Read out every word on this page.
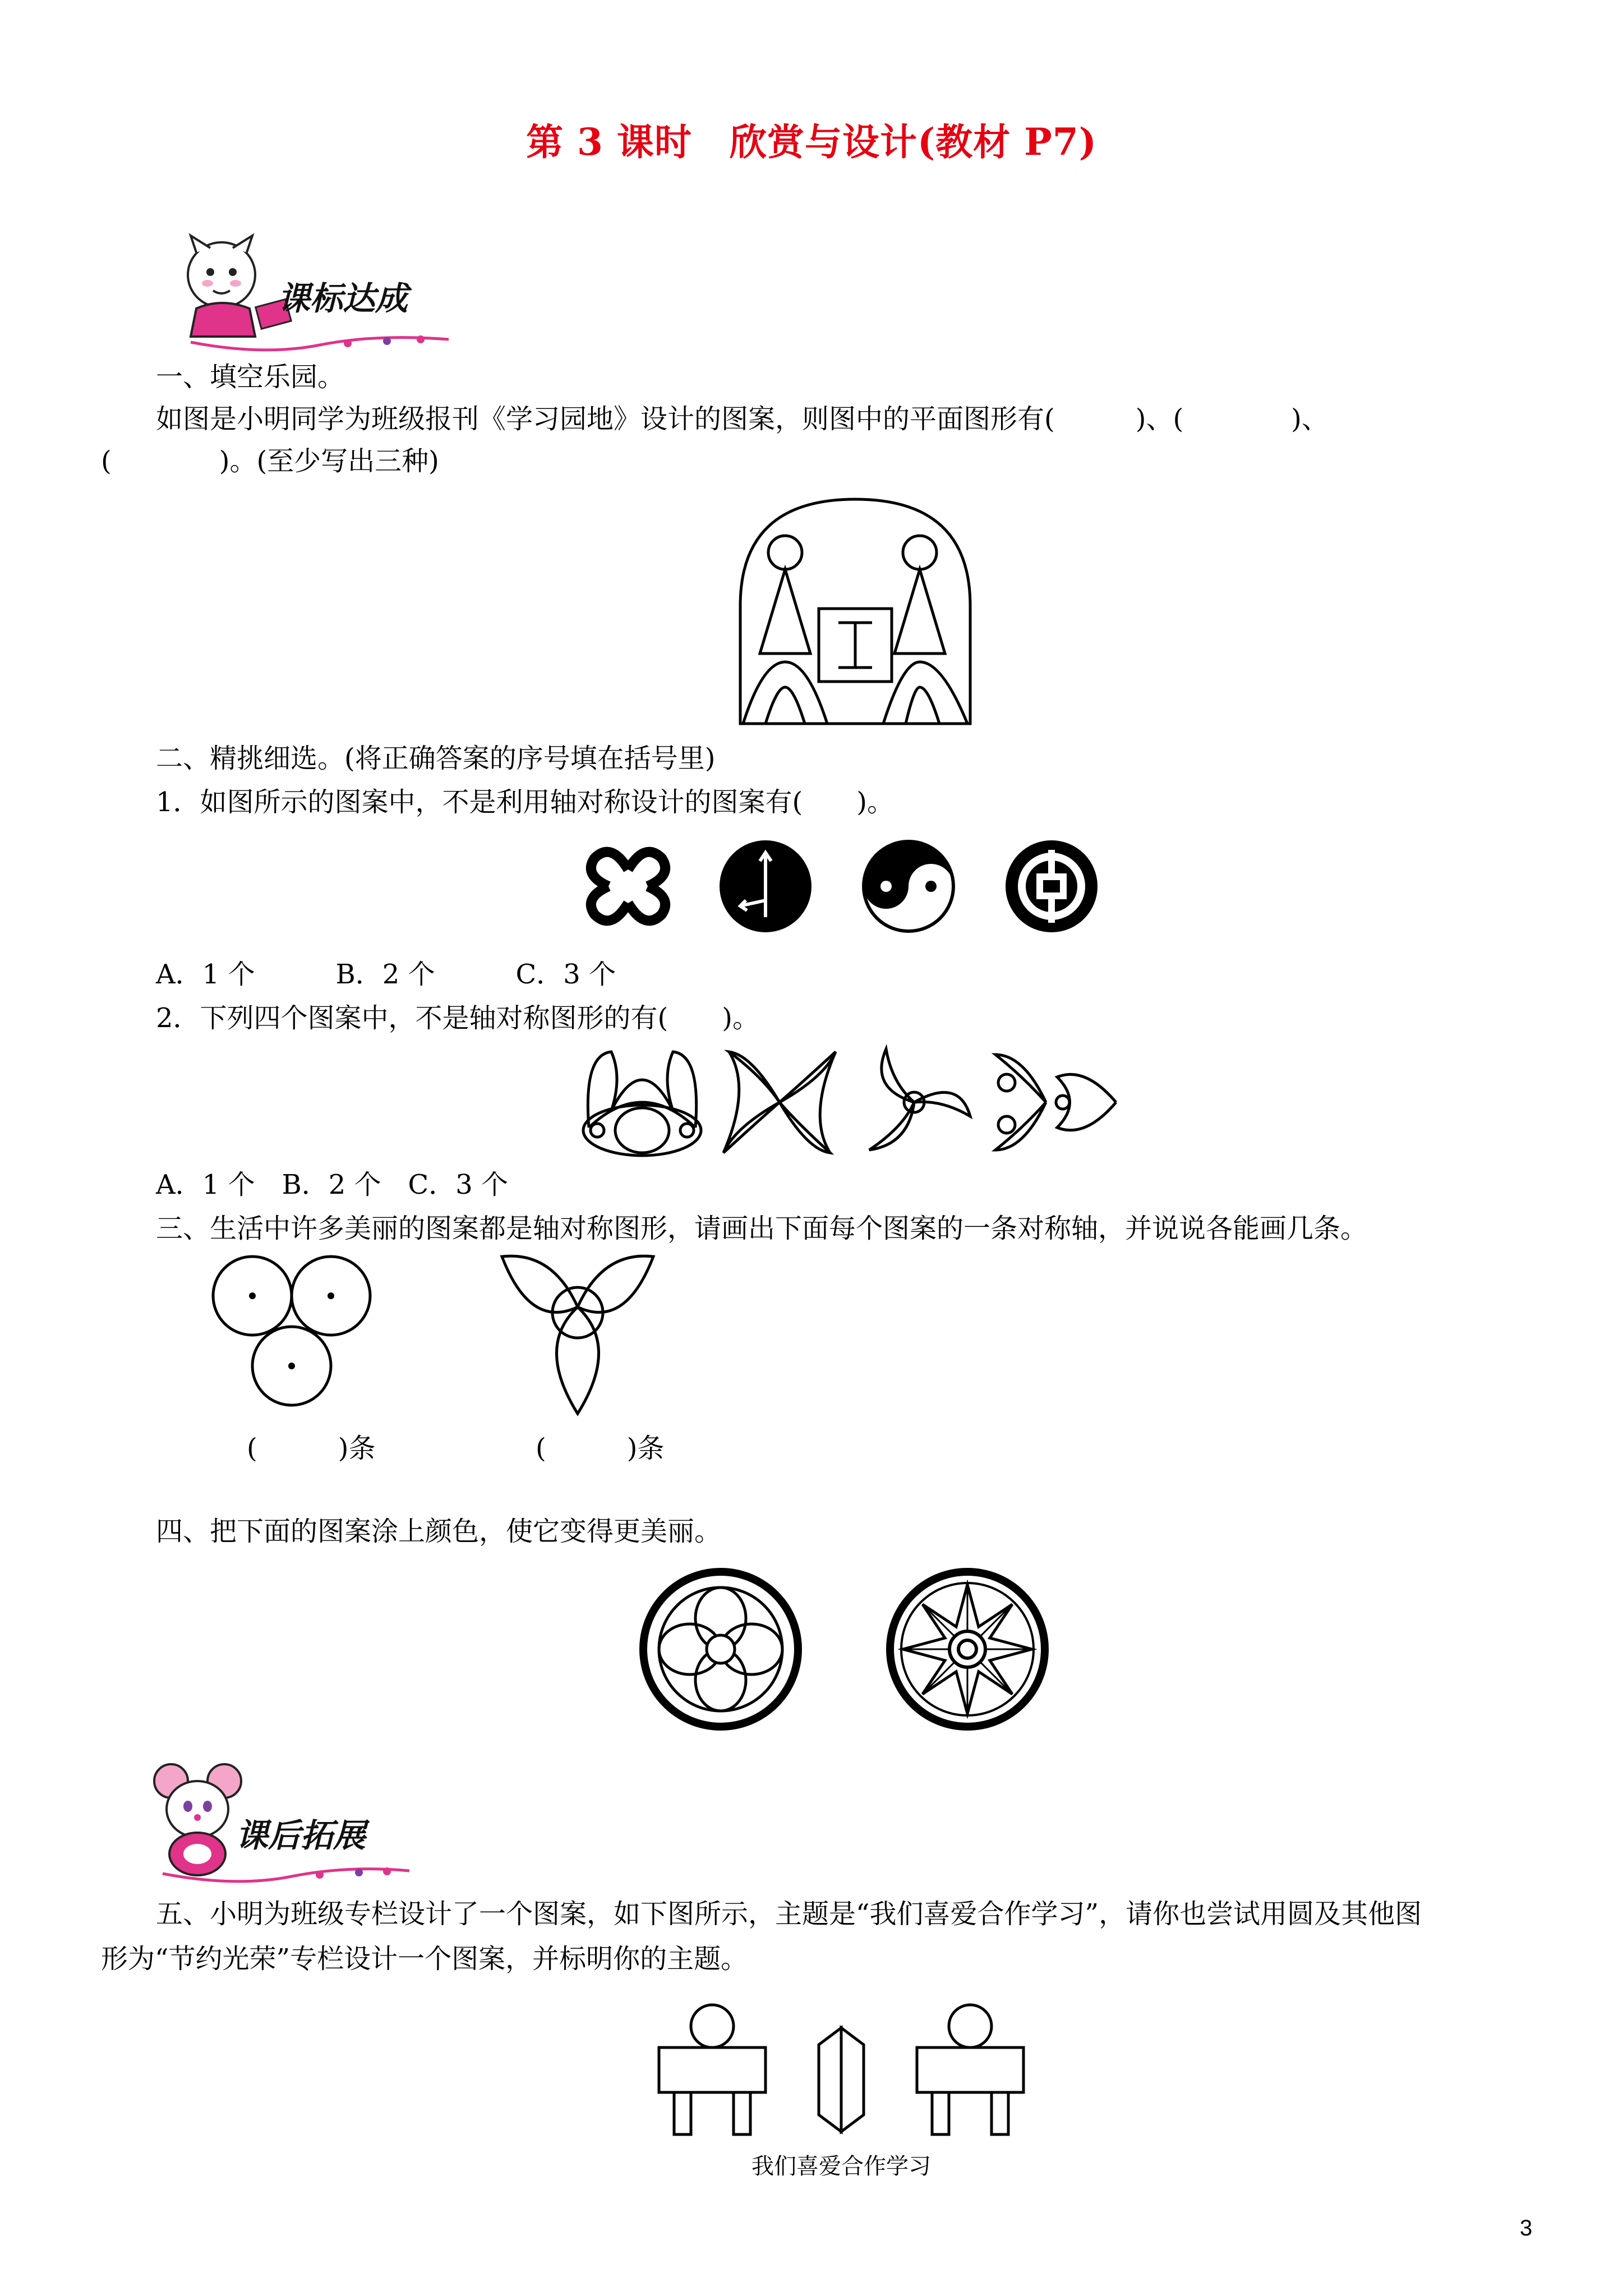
第 3 课时　欣赏与设计(教材 P7)
课标达成
一、填空乐园。
如图是小明同学为班级报刊《学习园地》设计的图案，则图中的平面图形有(　　　)、(　　　　)、
(　　　　)。(至少写出三种)
二、精挑细选。(将正确答案的序号填在括号里)
1．如图所示的图案中，不是利用轴对称设计的图案有(　　)。
A．1 个　　　B．2 个　　　C．3 个
2．下列四个图案中，不是轴对称图形的有(　　)。
A．1 个　B．2 个　C．3 个
三、生活中许多美丽的图案都是轴对称图形，请画出下面每个图案的一条对称轴，并说说各能画几条。
(　　　)条	(　　　)条
四、把下面的图案涂上颜色，使它变得更美丽。
课后拓展
五、小明为班级专栏设计了一个图案，如下图所示，主题是“我们喜爱合作学习”，请你也尝试用圆及其他图
形为“节约光荣”专栏设计一个图案，并标明你的主题。
我们喜爱合作学习
3
